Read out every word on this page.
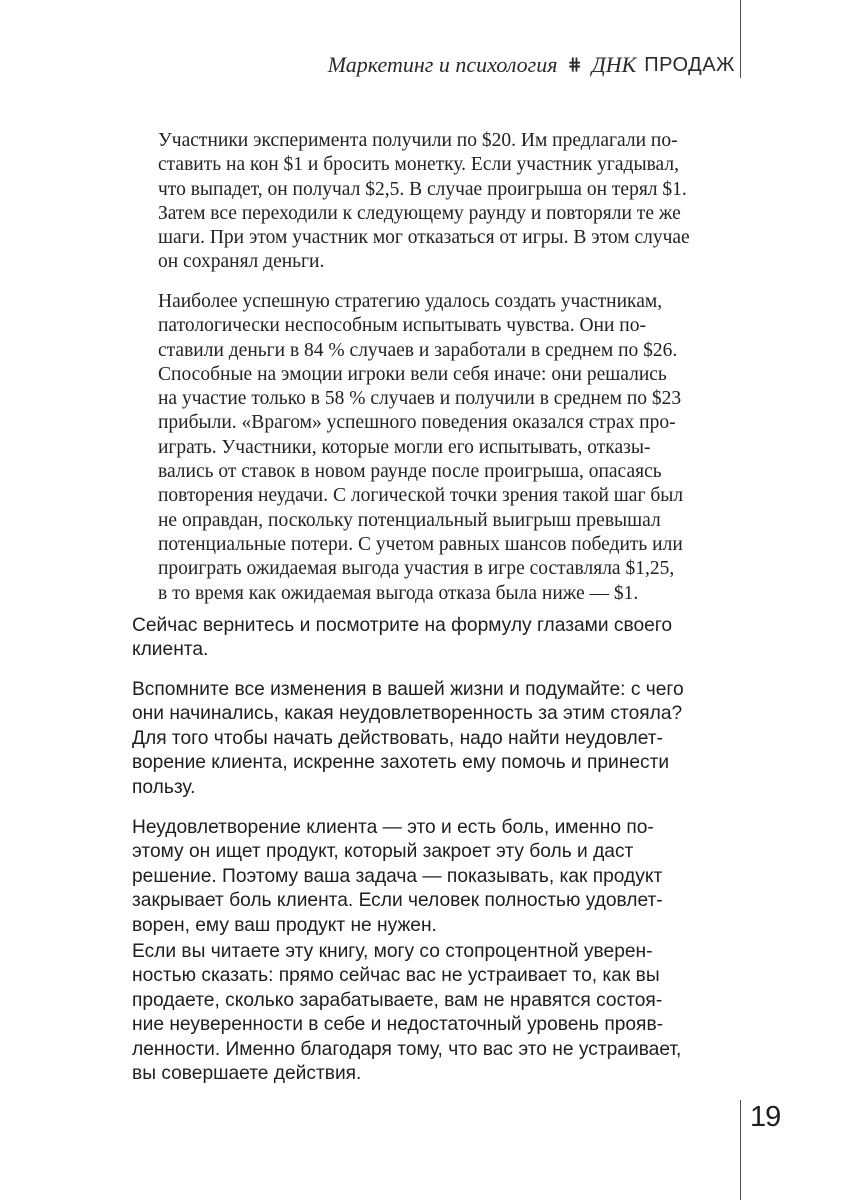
Маркетинг и психология ⋕ ДНК ПРОДАЖ
Участники эксперимента получили по $20. Им предлагали по-
ставить на кон $1 и бросить монетку. Если участник угадывал,
что выпадет, он получал $2,5. В случае проигрыша он терял $1.
Затем все переходили к следующему раунду и повторяли те же
шаги. При этом участник мог отказаться от игры. В этом случае
он сохранял деньги.
Наиболее успешную стратегию удалось создать участникам,
патологически неспособным испытывать чувства. Они по-
ставили деньги в 84 % случаев и заработали в среднем по $26.
Способные на эмоции игроки вели себя иначе: они решались
на участие только в 58 % случаев и получили в среднем по $23
прибыли. «Врагом» успешного поведения оказался страх про-
играть. Участники, которые могли его испытывать, отказы-
вались от ставок в новом раунде после проигрыша, опасаясь
повторения неудачи. С логической точки зрения такой шаг был
не оправдан, поскольку потенциальный выигрыш превышал
потенциальные потери. С учетом равных шансов победить или
проиграть ожидаемая выгода участия в игре составляла $1,25,
в то время как ожидаемая выгода отказа была ниже — $1.
Сейчас вернитесь и посмотрите на формулу глазами своего
клиента.
Вспомните все изменения в вашей жизни и подумайте: с чего
они начинались, какая неудовлетворенность за этим стояла?
Для того чтобы начать действовать, надо найти неудовлет-
ворение клиента, искренне захотеть ему помочь и принести
пользу.
Неудовлетворение клиента — это и есть боль, именно по-
этому он ищет продукт, который закроет эту боль и даст
решение. Поэтому ваша задача — показывать, как продукт
закрывает боль клиента. Если человек полностью удовлет-
ворен, ему ваш продукт не нужен.
Если вы читаете эту книгу, могу со стопроцентной уверен-
ностью сказать: прямо сейчас вас не устраивает то, как вы
продаете, сколько зарабатываете, вам не нравятся состоя-
ние неуверенности в себе и недостаточный уровень прояв-
ленности. Именно благодаря тому, что вас это не устраивает,
вы совершаете действия.
19
